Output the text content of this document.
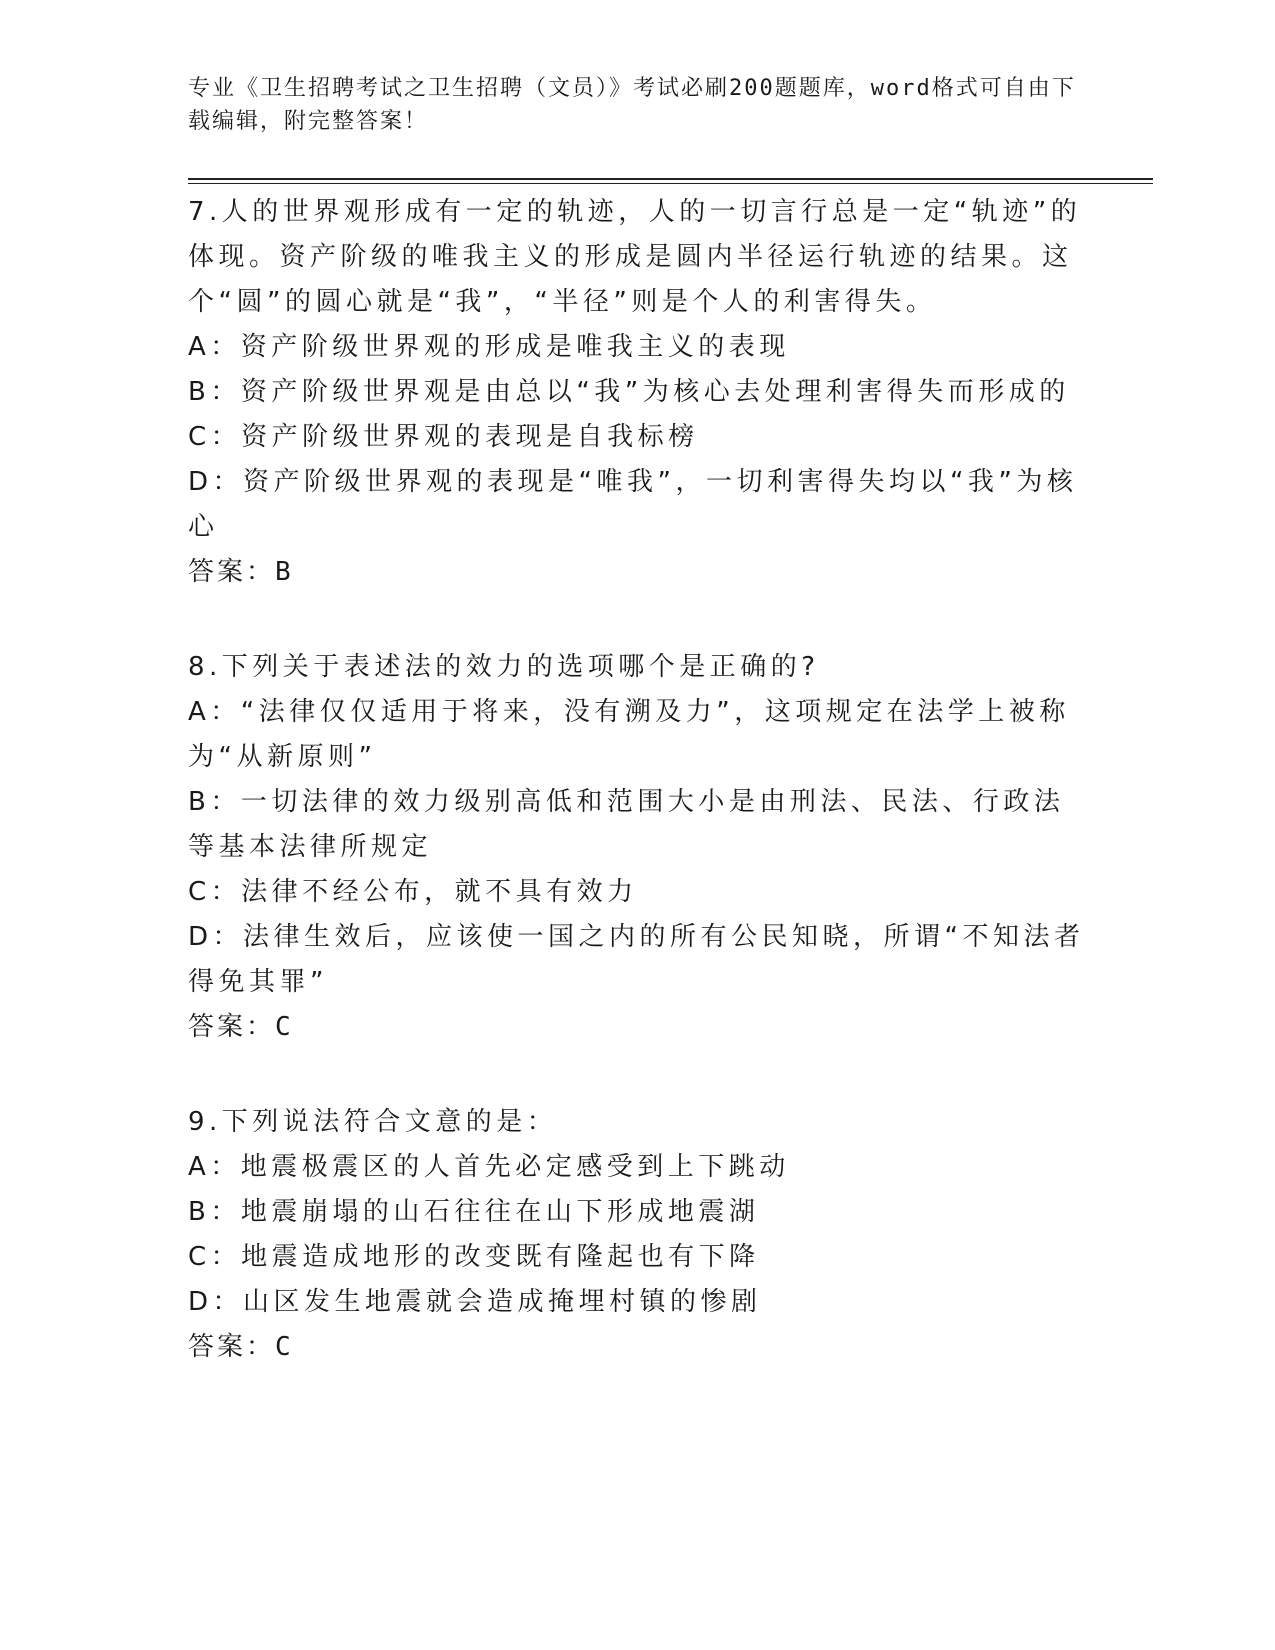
专业《卫生招聘考试之卫生招聘（文员）》考试必刷200题题库，word格式可自由下载编辑，附完整答案！
7.人的世界观形成有一定的轨迹，人的一切言行总是一定“轨迹”的体现。资产阶级的唯我主义的形成是圆内半径运行轨迹的结果。这个“圆”的圆心就是“我”，“半径”则是个人的利害得失。
A：资产阶级世界观的形成是唯我主义的表现
B：资产阶级世界观是由总以“我”为核心去处理利害得失而形成的
C：资产阶级世界观的表现是自我标榜
D：资产阶级世界观的表现是“唯我”，一切利害得失均以“我”为核心
答案：B
8.下列关于表述法的效力的选项哪个是正确的?
A：“法律仅仅适用于将来，没有溯及力”，这项规定在法学上被称为“从新原则”
B：一切法律的效力级别高低和范围大小是由刑法、民法、行政法等基本法律所规定
C：法律不经公布，就不具有效力
D：法律生效后，应该使一国之内的所有公民知晓，所谓“不知法者得免其罪”
答案：C
9.下列说法符合文意的是：
A：地震极震区的人首先必定感受到上下跳动
B：地震崩塌的山石往往在山下形成地震湖
C：地震造成地形的改变既有隆起也有下降
D：山区发生地震就会造成掩埋村镇的惨剧
答案：C
